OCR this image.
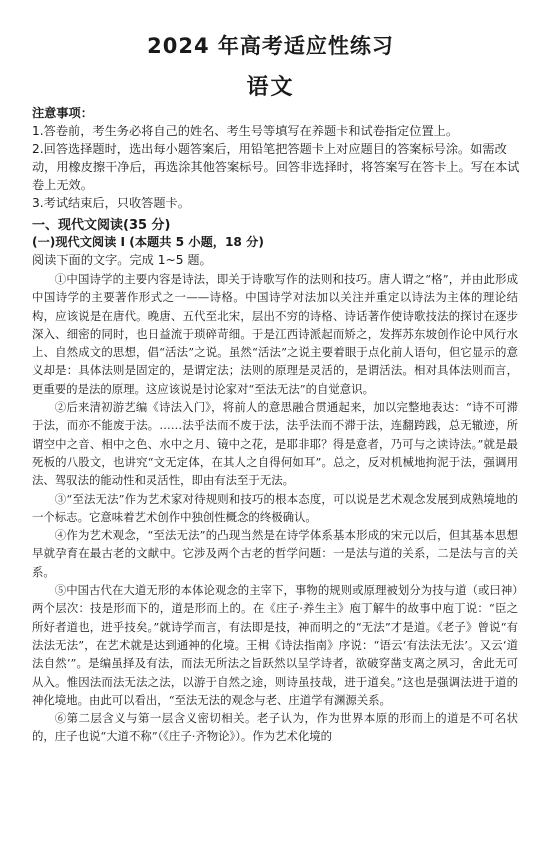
2024 年高考适应性练习
语文

注意事项：

1.答卷前，考生务必将自己的姓名、考生号等填写在养题卡和试卷指定位置上。

2.回答选择题时，选出每小题答案后，用铅笔把答题卡上对应题目的答案标号涂。如需改动，用橡皮擦干净后，再选涂其他答案标号。回答非选择时，将答案写在答卡上。写在本试卷上无效。

3.考试结束后，只收答题卡。

一、现代文阅读(35 分)
(一)现代文阅读 I (本题共 5 小题，18 分)
阅读下面的文字。完成 1~5 题。

①中国诗学的主要内容是诗法，即关于诗歌写作的法则和技巧。唐人谓之“格”，并由此形成中国诗学的主要著作形式之一——诗格。中国诗学对法加以关注并重定以诗法为主体的理论结构，应该说是在唐代。晚唐、五代至北宋，层出不穷的诗格、诗话著作使诗歌技法的探讨在逐步深入、细密的同时，也日益流于琐碎苛细。于是江西诗派起而矫之，发挥苏东坡创作论中风行水上、自然成文的思想，倡“活法”之说。虽然“活法”之说主要着眼于点化前人语句，但它显示的意义却是：具体法则是固定的，是谓定法；法则的原理是灵活的，是谓活法。相对具体法则而言，更重要的是法的原理。这应该说是讨论家对“至法无法”的自觉意识。

②后来清初游艺编《诗法入门》，将前人的意思融合贯通起来，加以完整地表达：“诗不可滞于法，而亦不能废于法。……法乎法而不废于法，法乎法而不滞于法，连翻跨践，总无辙迹，所谓空中之音、相中之色、水中之月、镜中之花，是耶非耶？得是意者，乃可与之读诗法。”就是最死板的八股文，也讲究“文无定体，在其人之自得何如耳”。总之，反对机械地拘泥于法，强调用法、驾驭法的能动性和灵活性，即由有法至于无法。

③“至法无法”作为艺术家对待规则和技巧的根本态度，可以说是艺术观念发展到成熟境地的一个标志。它意味着艺术创作中独创性概念的终极确认。

④作为艺术观念，“至法无法”的凸现当然是在诗学体系基本形成的宋元以后，但其基本思想早就孕育在最古老的文献中。它涉及两个古老的哲学问题：一是法与道的关系，二是法与言的关系。

⑤中国古代在大道无形的本体论观念的主宰下，事物的规则或原理被划分为技与道（或曰神）两个层次：技是形而下的，道是形而上的。在《庄子·养生主》庖丁解牛的故事中庖丁说：“臣之所好者道也，进乎技矣。”就诗学而言，有法即是技，神而明之的“无法”才是道。《老子》曾说“有法法无法”，在艺术就是达到通神的化境。王楫《诗法指南》序说：“语云‘有法法无法’。又云‘道法自然’”。是编虽择及有法，而法无所法之旨跃然以呈学诗者，欲破穿凿支离之夙习，舍此无可从入。惟因法而法无法之法，以游于自然之途，则诗虽技哉，进于道矣。”这也是强调法进于道的神化境地。由此可以看出，“至法无法的观念与老、庄道学有渊源关系。

⑥第二层含义与第一层含义密切相关。老子认为，作为世界本原的形而上的道是不可名状的，庄子也说“大道不称”（《庄子·齐物论》）。作为艺术化境的
